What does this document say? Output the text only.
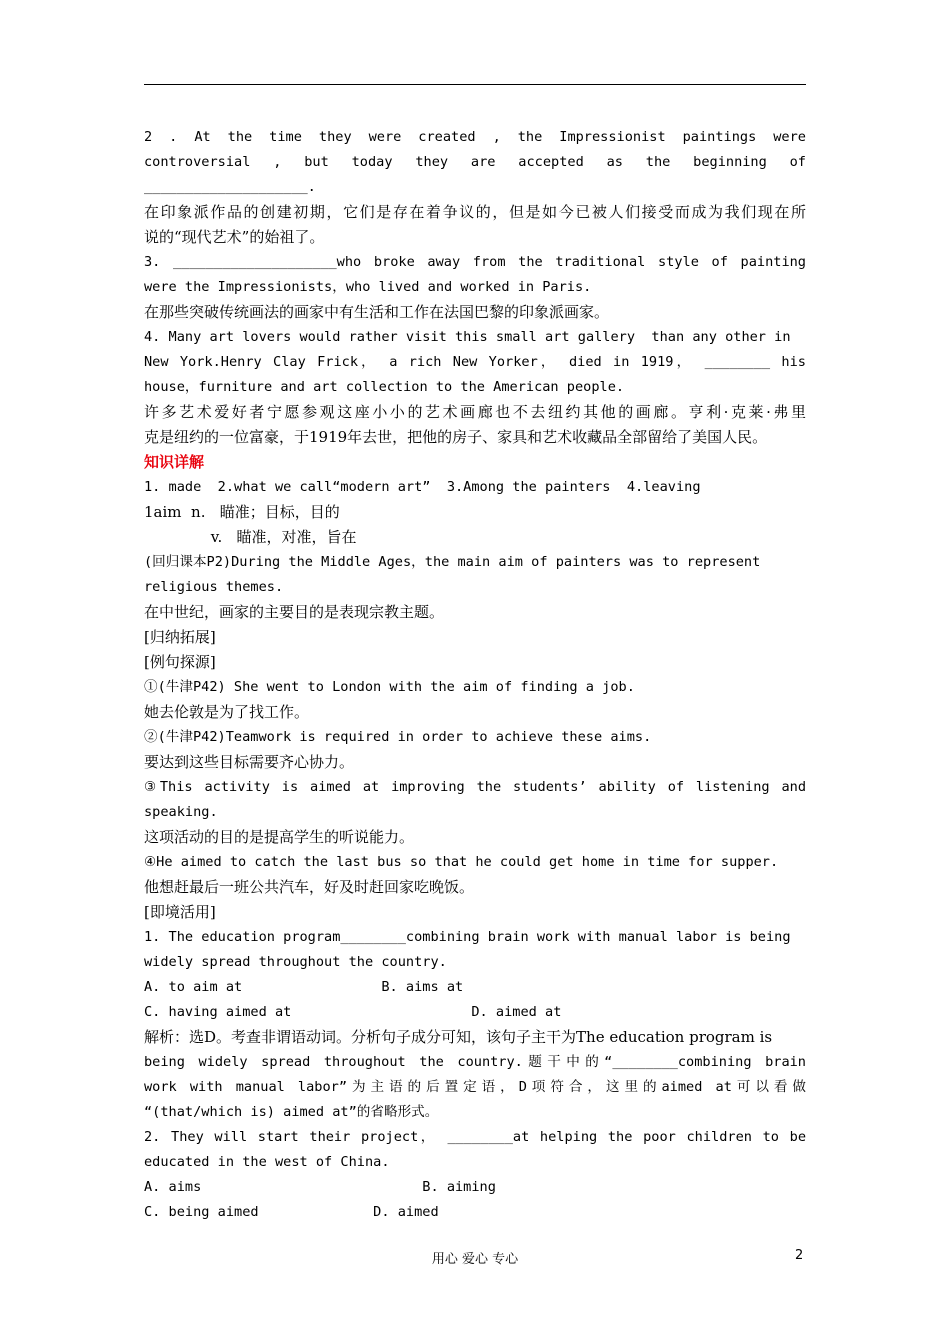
2 . At the time they were created , the Impressionist paintings were
controversial , but today they are accepted as the beginning of
____________________.
在印象派作品的创建初期，它们是存在着争议的，但是如今已被人们接受而成为我们现在所
说的“现代艺术”的始祖了。
3. ____________________who broke away from the traditional style of painting
were the Impressionists，who lived and worked in Paris.
在那些突破传统画法的画家中有生活和工作在法国巴黎的印象派画家。
4. Many art lovers would rather visit this small art gallery  than any other in
New York.Henry Clay Frick， a rich New Yorker， died in 1919， ________ his
house，furniture and art collection to the American people.
许多艺术爱好者宁愿参观这座小小的艺术画廊也不去纽约其他的画廊。亨利·克莱·弗里
克是纽约的一位富豪，于1919年去世，把他的房子、家具和艺术收藏品全部留给了美国人民。
知识详解
1. made  2.what we call“modern art”  3.Among the painters  4.leaving
1aim  n.   瞄准；目标，目的
v.   瞄准，对准，旨在
(回归课本P2)During the Middle Ages，the main aim of painters was to represent
religious themes.
在中世纪，画家的主要目的是表现宗教主题。
[归纳拓展]
[例句探源]
①(牛津P42) She went to London with the aim of finding a job.
她去伦敦是为了找工作。
②(牛津P42)Teamwork is required in order to achieve these aims.
要达到这些目标需要齐心协力。
③This activity is aimed at improving the students’ ability of listening and
speaking.
这项活动的目的是提高学生的听说能力。
④He aimed to catch the last bus so that he could get home in time for supper.
他想赶最后一班公共汽车，好及时赶回家吃晚饭。
[即境活用]
1. The education program________combining brain work with manual labor is being
widely spread throughout the country.
A. to aim at                 B. aims at
C. having aimed at                      D. aimed at
解析：选D。考查非谓语动词。分析句子成分可知，该句子主干为The education program is
being widely spread throughout the country.题干中的“________combining brain
work with manual labor”为主语的后置定语，D项符合，这里的aimed at可以看做
“(that/which is) aimed at”的省略形式。
2. They will start their project， ________at helping the poor children to be
educated in the west of China.
A. aims                           B. aiming
C. being aimed              D. aimed
用心 爱心 专心	2
